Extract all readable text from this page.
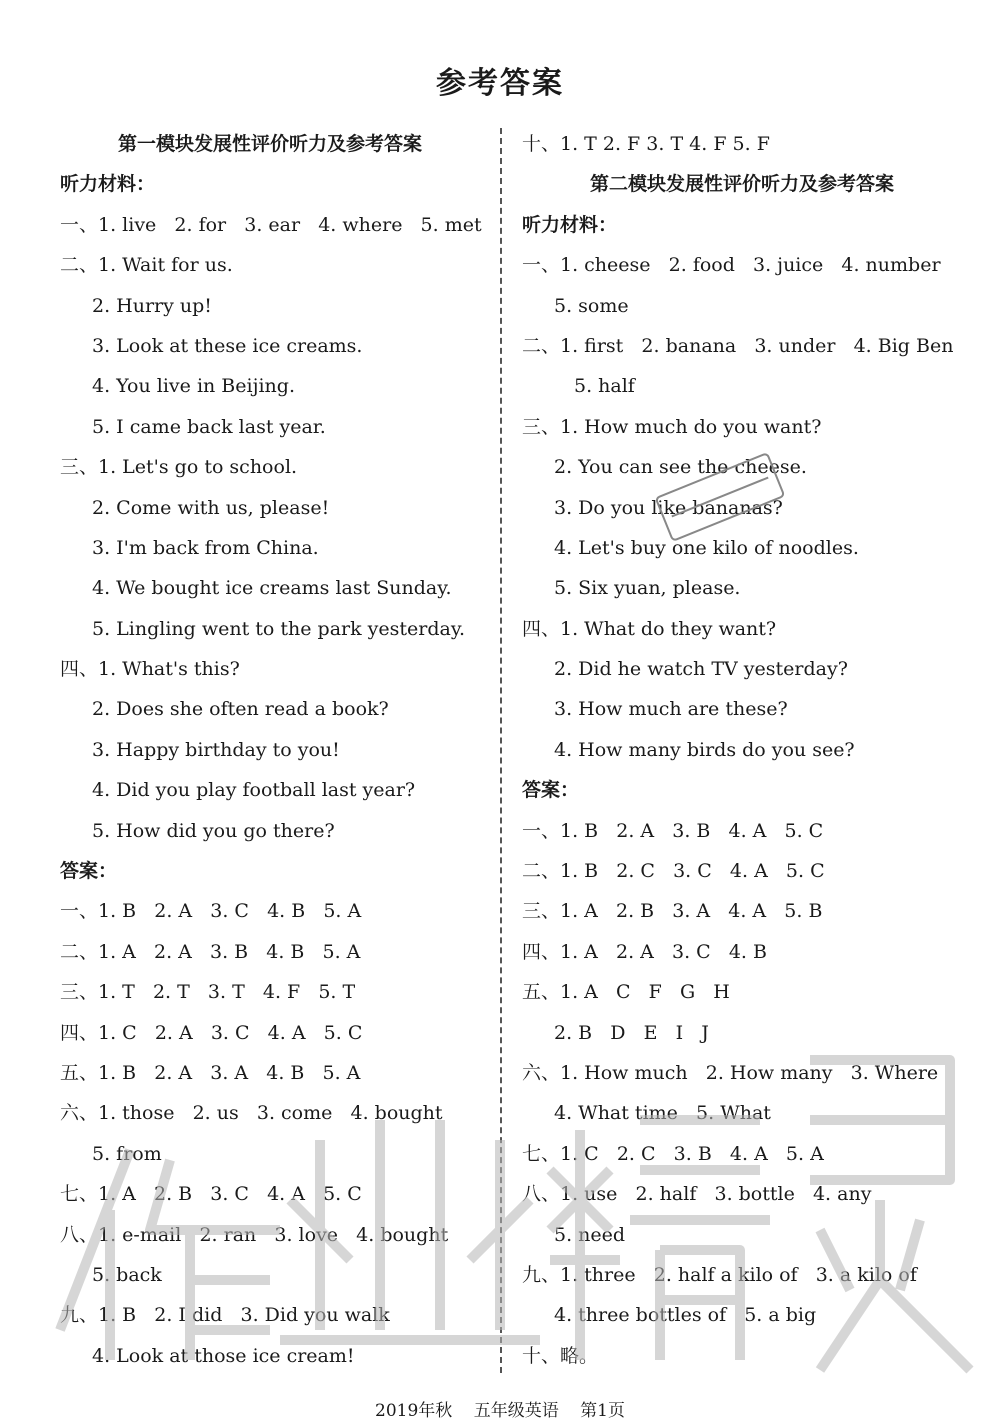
参考答案
第一模块发展性评价听力及参考答案
听力材料：
一、1. live   2. for   3. ear   4. where   5. met
二、1. Wait for us.
2. Hurry up!
3. Look at these ice creams.
4. You live in Beijing.
5. I came back last year.
三、1. Let's go to school.
2. Come with us, please!
3. I'm back from China.
4. We bought ice creams last Sunday.
5. Lingling went to the park yesterday.
四、1. What's this?
2. Does she often read a book?
3. Happy birthday to you!
4. Did you play football last year?
5. How did you go there?
答案：
一、1. B   2. A   3. C   4. B   5. A
二、1. A   2. A   3. B   4. B   5. A
三、1. T   2. T   3. T   4. F   5. T
四、1. C   2. A   3. C   4. A   5. C
五、1. B   2. A   3. A   4. B   5. A
六、1. those   2. us   3. come   4. bought
5. from
七、1. A   2. B   3. C   4. A   5. C
八、1. e-mail   2. ran   3. love   4. bought
5. back
九、1. B   2. I did   3. Did you walk
4. Look at those ice cream!
十、1. T 2. F 3. T 4. F 5. F
第二模块发展性评价听力及参考答案
听力材料：
一、1. cheese   2. food   3. juice   4. number
5. some
二、1. first   2. banana   3. under   4. Big Ben
5. half
三、1. How much do you want?
2. You can see the cheese.
3. Do you like bananas?
4. Let's buy one kilo of noodles.
5. Six yuan, please.
四、1. What do they want?
2. Did he watch TV yesterday?
3. How much are these?
4. How many birds do you see?
答案：
一、1. B   2. A   3. B   4. A   5. C
二、1. B   2. C   3. C   4. A   5. C
三、1. A   2. B   3. A   4. A   5. B
四、1. A   2. A   3. C   4. B
五、1. A   C   F   G   H
2. B   D   E   I   J
六、1. How much   2. How many   3. Where
4. What time   5. What
七、1. C   2. C   3. B   4. A   5. A
八、1. use   2. half   3. bottle   4. any
5. need
九、1. three   2. half a kilo of   3. a kilo of
4. three bottles of   5. a big
十、略。
2019年秋 五年级英语 第1页
